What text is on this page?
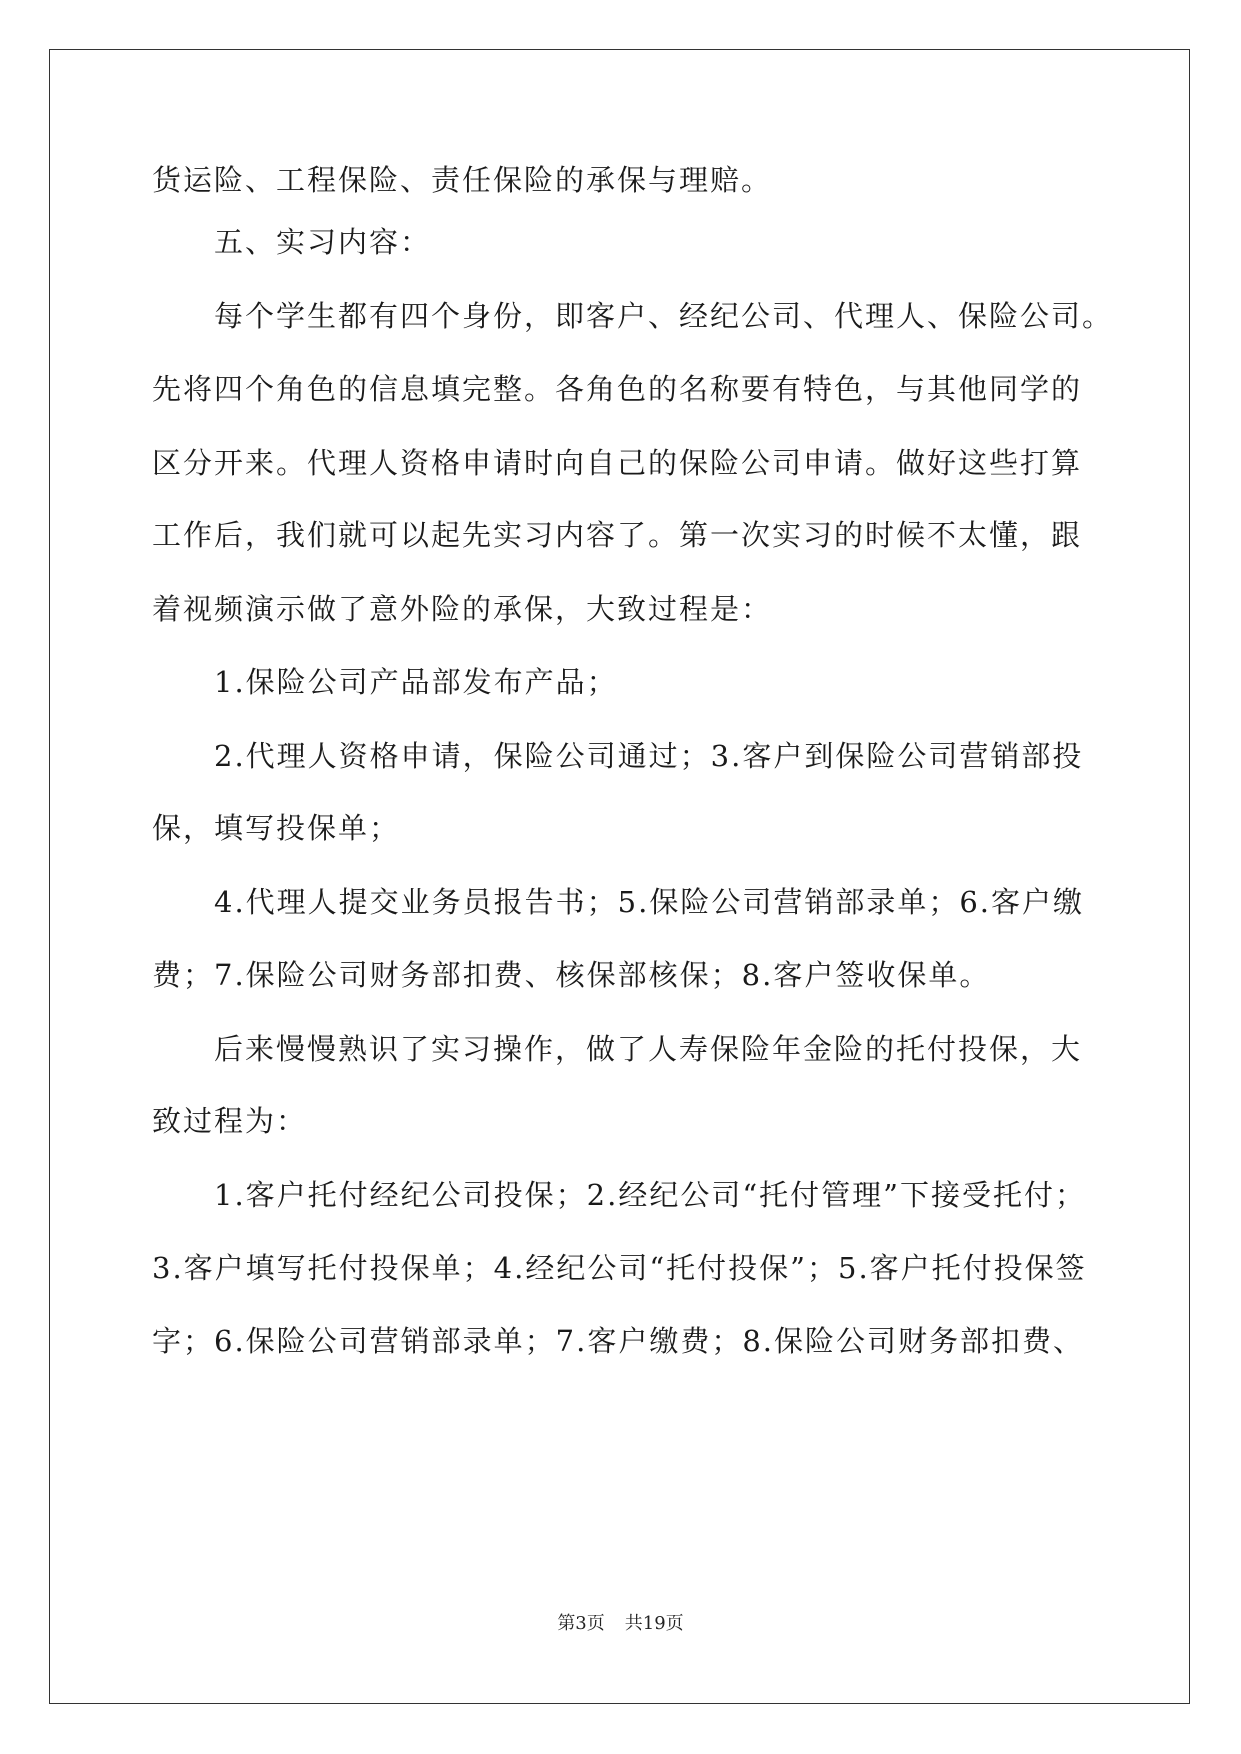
货运险、工程保险、责任保险的承保与理赔。

五、实习内容：

每个学生都有四个身份，即客户、经纪公司、代理人、保险公司。

先将四个角色的信息填完整。各角色的名称要有特色，与其他同学的

区分开来。代理人资格申请时向自己的保险公司申请。做好这些打算

工作后，我们就可以起先实习内容了。第一次实习的时候不太懂，跟

着视频演示做了意外险的承保，大致过程是：

1.保险公司产品部发布产品；

2.代理人资格申请，保险公司通过；3.客户到保险公司营销部投

保，填写投保单；

4.代理人提交业务员报告书；5.保险公司营销部录单；6.客户缴

费；7.保险公司财务部扣费、核保部核保；8.客户签收保单。

后来慢慢熟识了实习操作，做了人寿保险年金险的托付投保，大

致过程为：

1.客户托付经纪公司投保；2.经纪公司“托付管理”下接受托付；

3.客户填写托付投保单；4.经纪公司“托付投保”；5.客户托付投保签

字；6.保险公司营销部录单；7.客户缴费；8.保险公司财务部扣费、

第3页 共19页
